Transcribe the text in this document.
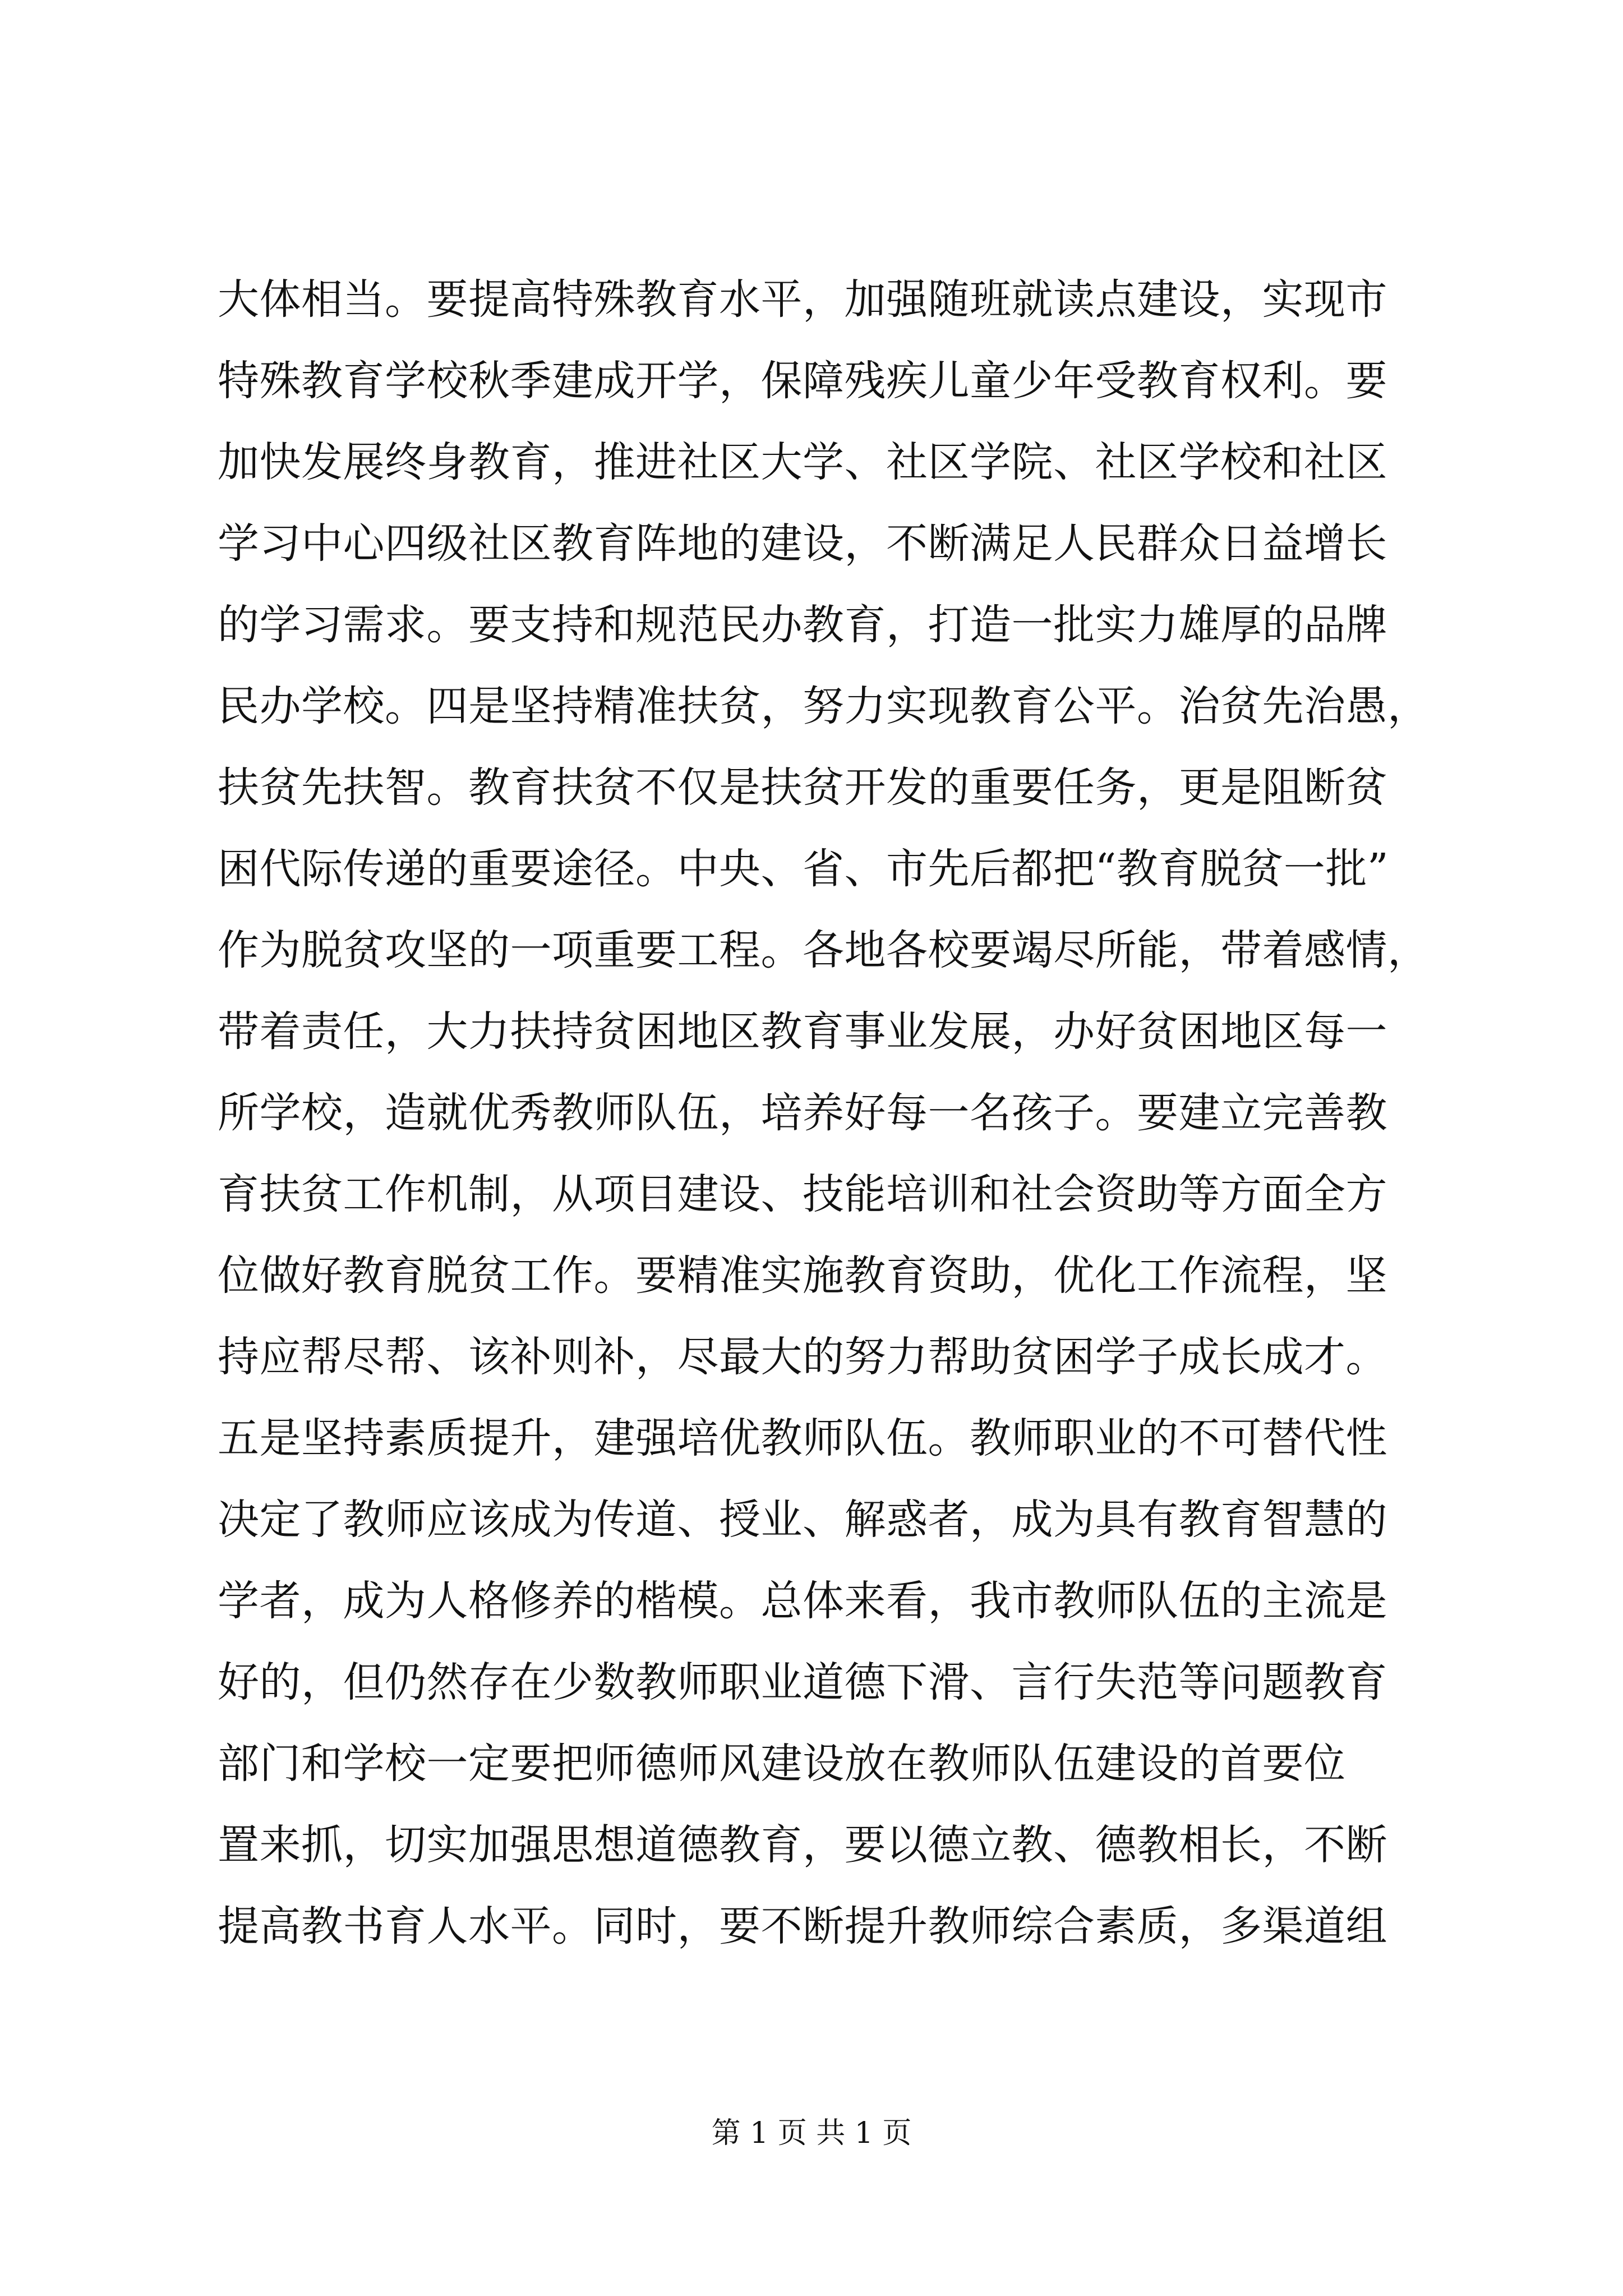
大体相当。要提高特殊教育水平，加强随班就读点建设，实现市
特殊教育学校秋季建成开学，保障残疾儿童少年受教育权利。要
加快发展终身教育，推进社区大学、社区学院、社区学校和社区
学习中心四级社区教育阵地的建设，不断满足人民群众日益增长
的学习需求。要支持和规范民办教育，打造一批实力雄厚的品牌
民办学校。四是坚持精准扶贫，努力实现教育公平。治贫先治愚，
扶贫先扶智。教育扶贫不仅是扶贫开发的重要任务，更是阻断贫
困代际传递的重要途径。中央、省、市先后都把“教育脱贫一批”
作为脱贫攻坚的一项重要工程。各地各校要竭尽所能，带着感情，
带着责任，大力扶持贫困地区教育事业发展，办好贫困地区每一
所学校，造就优秀教师队伍，培养好每一名孩子。要建立完善教
育扶贫工作机制，从项目建设、技能培训和社会资助等方面全方
位做好教育脱贫工作。要精准实施教育资助，优化工作流程，坚
持应帮尽帮、该补则补，尽最大的努力帮助贫困学子成长成才。
五是坚持素质提升，建强培优教师队伍。教师职业的不可替代性
决定了教师应该成为传道、授业、解惑者，成为具有教育智慧的
学者，成为人格修养的楷模。总体来看，我市教师队伍的主流是
好的，但仍然存在少数教师职业道德下滑、言行失范等问题教育
部门和学校一定要把师德师风建设放在教师队伍建设的首要位
置来抓，切实加强思想道德教育，要以德立教、德教相长，不断
提高教书育人水平。同时，要不断提升教师综合素质，多渠道组
第 1 页 共 1 页
